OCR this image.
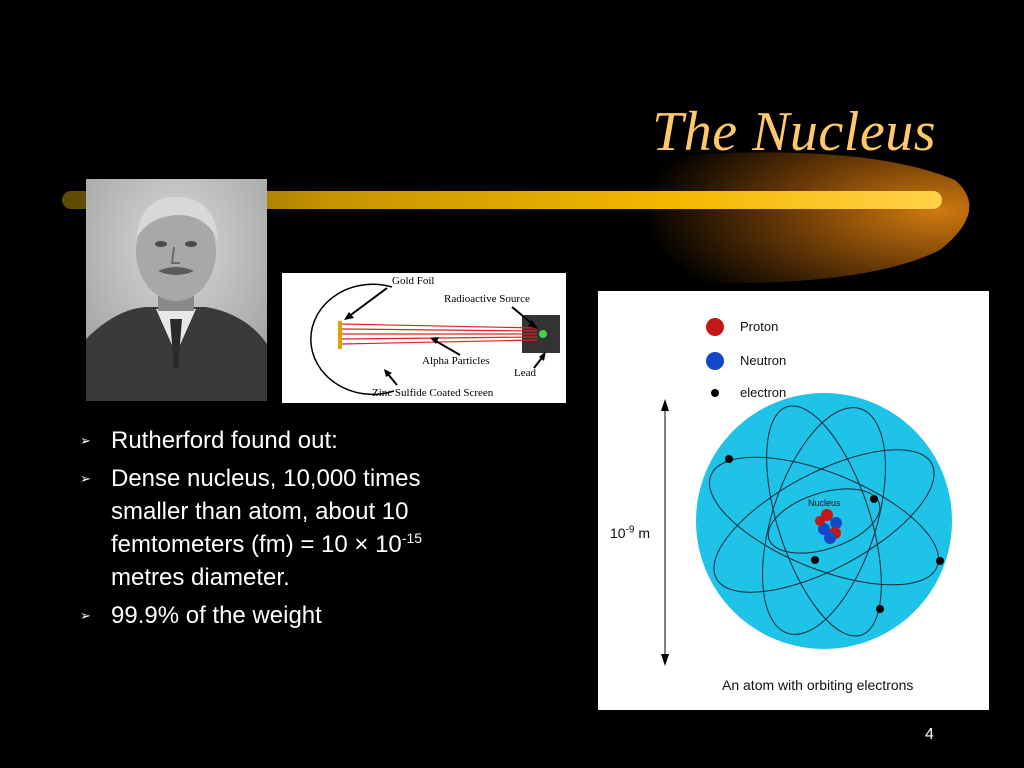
The Nucleus
Gold Foil
Radioactive Source
Alpha Particles
Lead
Zinc Sulfide Coated Screen
Proton
Neutron
electron
Nucleus
$10^{-9}$ m
An atom with orbiting electrons
➢ Rutherford found out:
➢ Dense nucleus, 10,000 times smaller than atom, about 10 femtometers $(fm) = 10 \times 10^{-15}$ metres diameter.
➢ 99.9% of the weight
4
